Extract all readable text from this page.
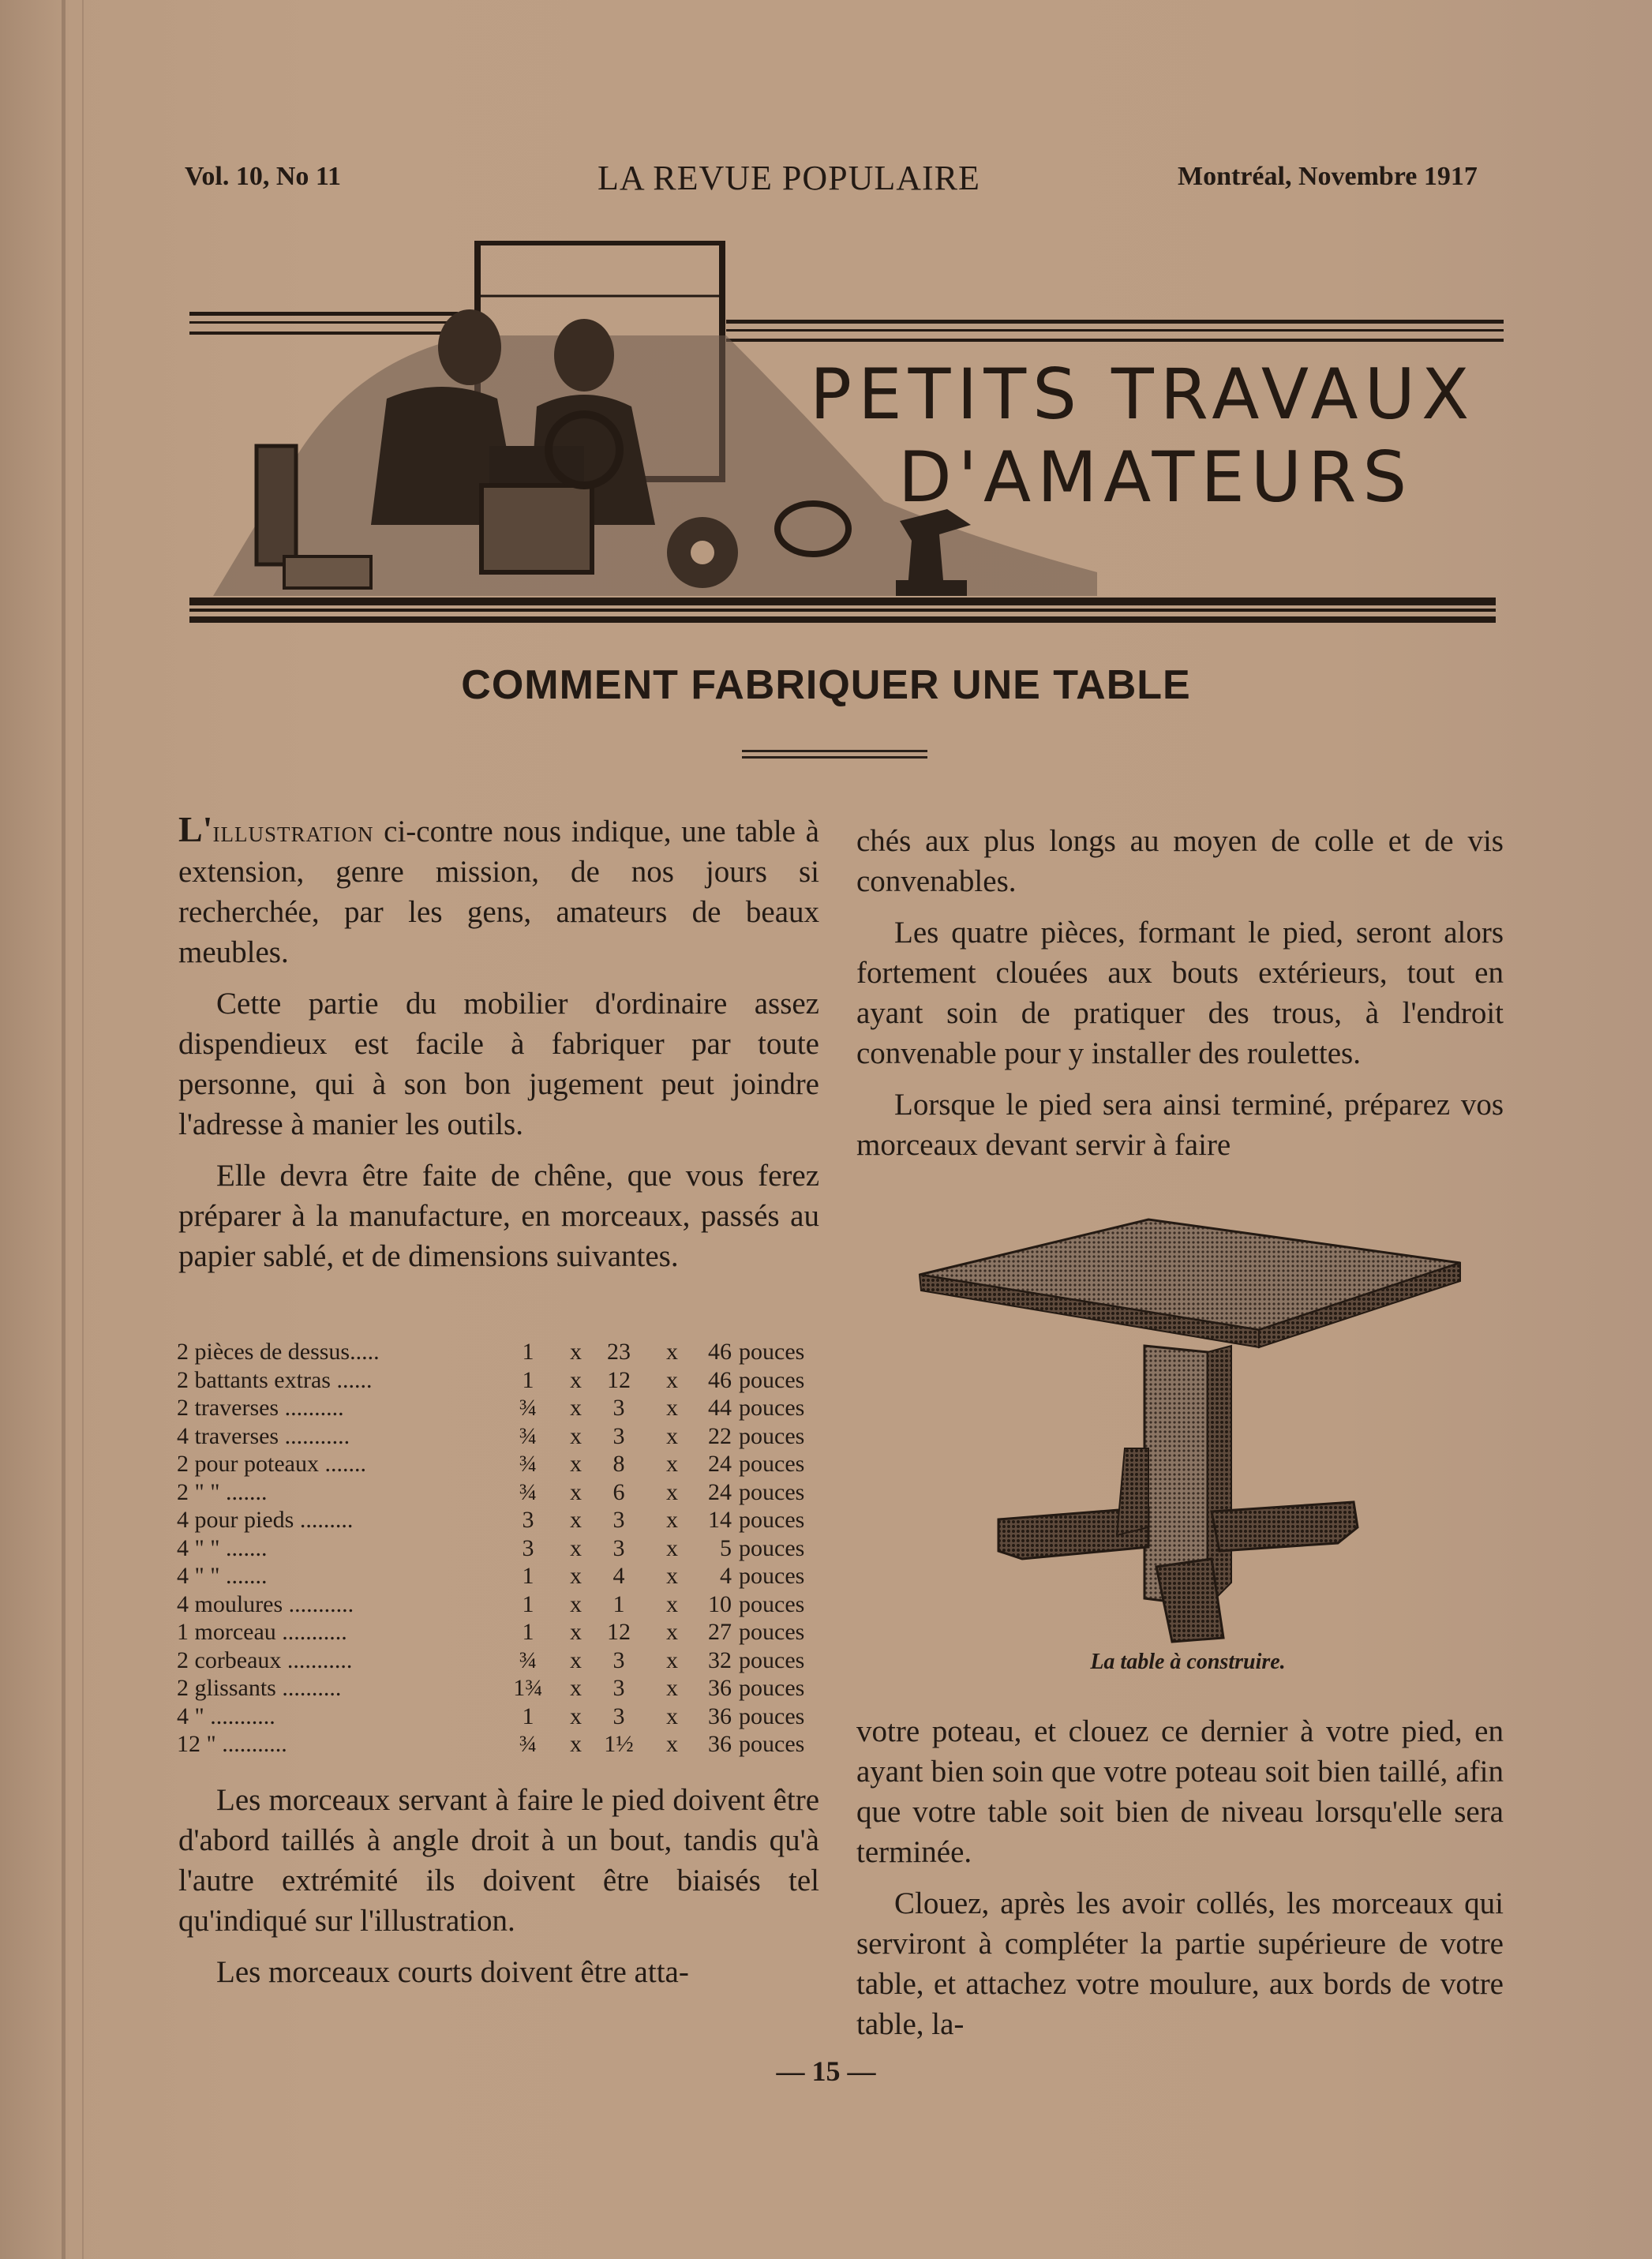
Vol. 10, No 11	LA REVUE POPULAIRE	Montréal, Novembre 1917
PETITS TRAVAUX
D'AMATEURS
COMMENT FABRIQUER UNE TABLE

L'illustration ci-contre nous indique, une table à extension, genre mission, de nos jours si recherchée, par les gens, amateurs de beaux meubles.

Cette partie du mobilier d'ordinaire assez dispendieux est facile à fabriquer par toute personne, qui à son bon jugement peut joindre l'adresse à manier les outils.

Elle devra être faite de chêne, que vous ferez préparer à la manufacture, en morceaux, passés au papier sablé, et de dimensions suivantes.

2 pièces de dessus.....	1	x	23	x	46 pouces
2 battants extras ......	1	x	12	x	46 pouces
2 traverses ..........	¾	x	3	x	44 pouces
4 traverses ...........	¾	x	3	x	22 pouces
2 pour poteaux .......	¾	x	8	x	24 pouces
2 " " .......	¾	x	6	x	24 pouces
4 pour pieds .........	3	x	3	x	14 pouces
4 " " .......	3	x	3	x	5 pouces
4 " " .......	1	x	4	x	4 pouces
4 moulures ...........	1	x	1	x	10 pouces
1 morceau ...........	1	x	12	x	27 pouces
2 corbeaux ...........	¾	x	3	x	32 pouces
2 glissants ..........	1¾ x	3	x	36 pouces
4 " ...........	1	x	3	x	36 pouces
12 " ...........	¾	x 1½	x	36 pouces

Les morceaux servant à faire le pied doivent être d'abord taillés à angle droit à un bout, tandis qu'à l'autre extrémité ils doivent être biaisés tel qu'indiqué sur l'illustration.

Les morceaux courts doivent être atta-

chés aux plus longs au moyen de colle et de vis convenables.

Les quatre pièces, formant le pied, seront alors fortement clouées aux bouts extérieurs, tout en ayant soin de pratiquer des trous, à l'endroit convenable pour y installer des roulettes.

Lorsque le pied sera ainsi terminé, préparez vos morceaux devant servir à faire

La table à construire.

votre poteau, et clouez ce dernier à votre pied, en ayant bien soin que votre poteau soit bien taillé, afin que votre table soit bien de niveau lorsqu'elle sera terminée.

Clouez, après les avoir collés, les morceaux qui serviront à compléter la partie supérieure de votre table, et attachez votre moulure, aux bords de votre table, la-

— 15 —
